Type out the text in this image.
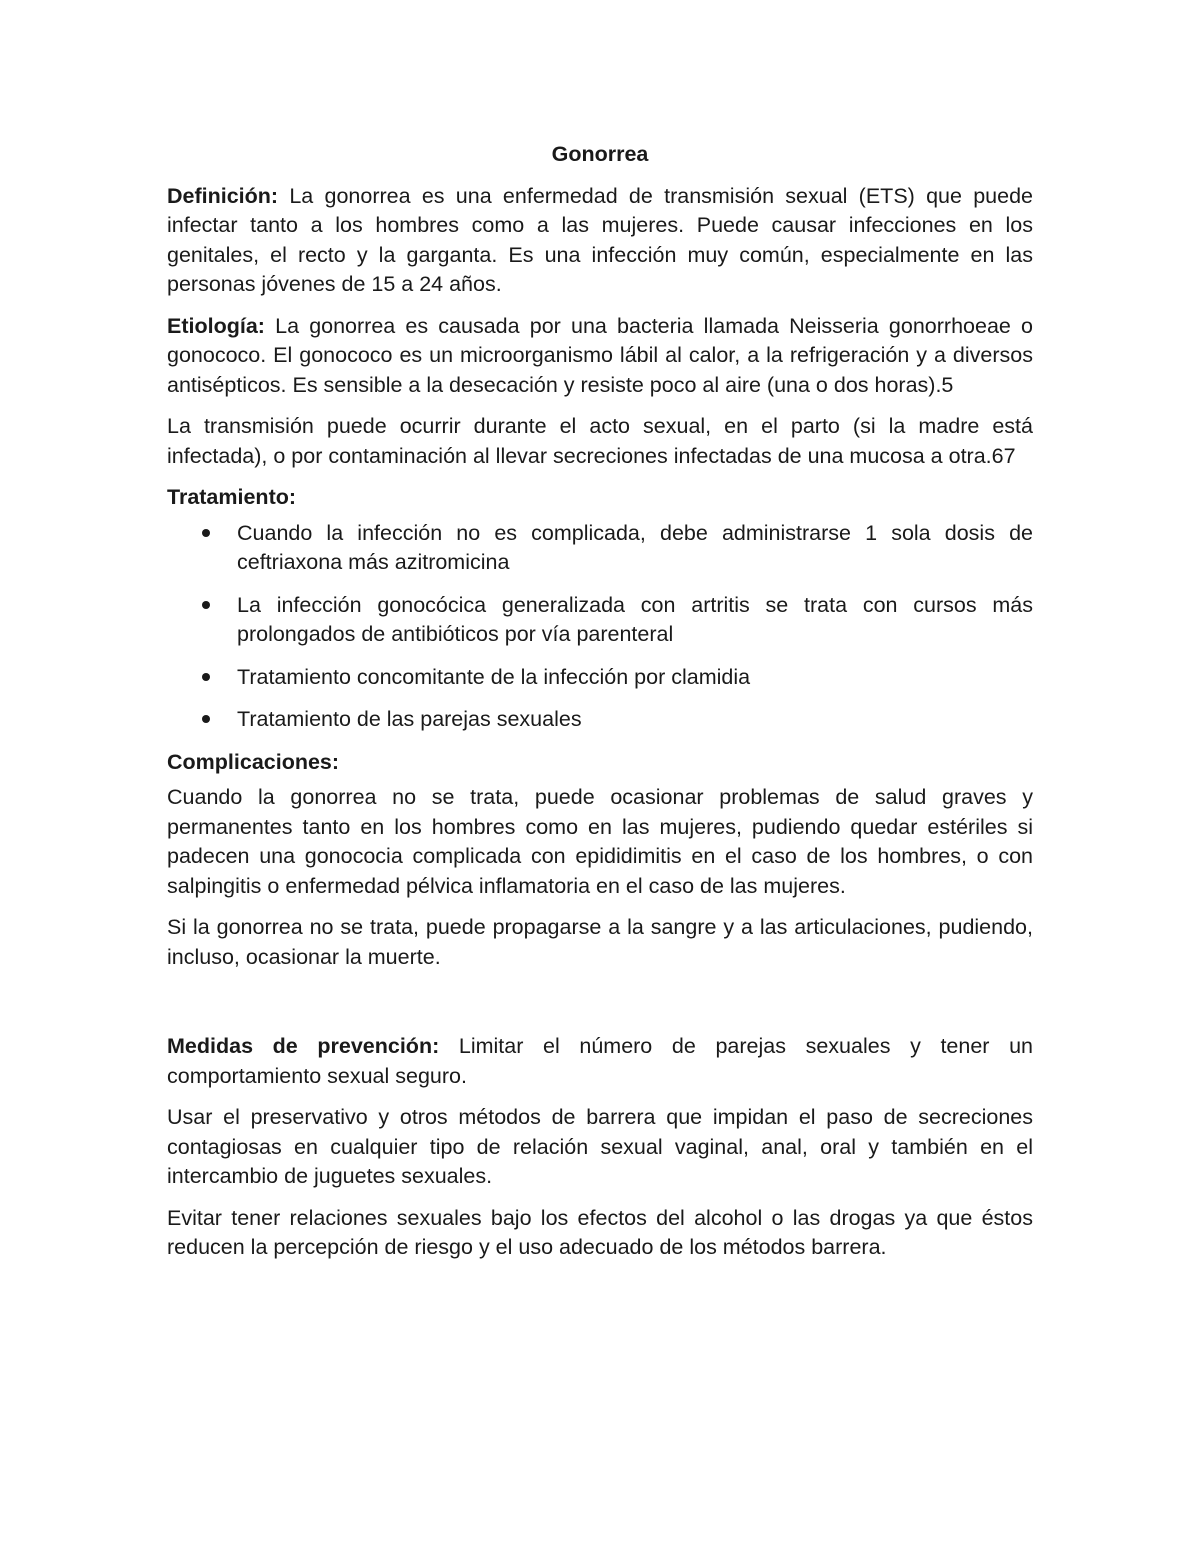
Gonorrea

Definición: La gonorrea es una enfermedad de transmisión sexual (ETS) que puede infectar tanto a los hombres como a las mujeres. Puede causar infecciones en los genitales, el recto y la garganta. Es una infección muy común, especialmente en las personas jóvenes de 15 a 24 años.

Etiología: La gonorrea es causada por una bacteria llamada Neisseria gonorrhoeae o gonococo. El gonococo es un microorganismo lábil al calor, a la refrigeración y a diversos antisépticos. Es sensible a la desecación y resiste poco al aire (una o dos horas).5

La transmisión puede ocurrir durante el acto sexual, en el parto (si la madre está infectada), o por contaminación al llevar secreciones infectadas de una mucosa a otra.67

Tratamiento:
Cuando la infección no es complicada, debe administrarse 1 sola dosis de ceftriaxona más azitromicina
La infección gonocócica generalizada con artritis se trata con cursos más prolongados de antibióticos por vía parenteral
Tratamiento concomitante de la infección por clamidia
Tratamiento de las parejas sexuales
Complicaciones:

Cuando la gonorrea no se trata, puede ocasionar problemas de salud graves y permanentes tanto en los hombres como en las mujeres, pudiendo quedar estériles si padecen una gonococia complicada con epididimitis en el caso de los hombres, o con salpingitis o enfermedad pélvica inflamatoria en el caso de las mujeres.

Si la gonorrea no se trata, puede propagarse a la sangre y a las articulaciones, pudiendo, incluso, ocasionar la muerte.

Medidas de prevención: Limitar el número de parejas sexuales y tener un comportamiento sexual seguro.

Usar el preservativo y otros métodos de barrera que impidan el paso de secreciones contagiosas en cualquier tipo de relación sexual vaginal, anal, oral y también en el intercambio de juguetes sexuales.

Evitar tener relaciones sexuales bajo los efectos del alcohol o las drogas ya que éstos reducen la percepción de riesgo y el uso adecuado de los métodos barrera.
